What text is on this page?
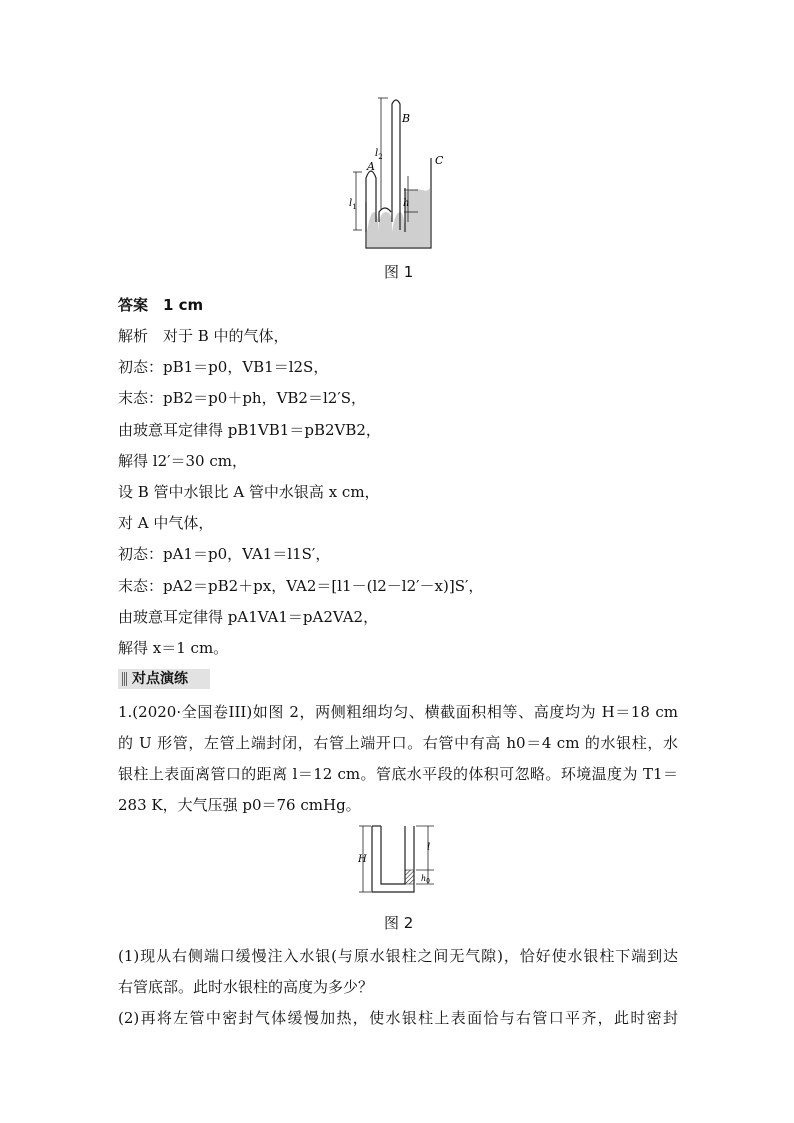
A
B
C
$l_1$
$l_2$
h
图 1
答案　1 cm
解析　对于 B 中的气体，
初态：pB1＝p0，VB1＝l2S，
末态：pB2＝p0＋ph，VB2＝l2′S，
由玻意耳定律得 pB1VB1＝pB2VB2，
解得 l2′＝30 cm，
设 B 管中水银比 A 管中水银高 x cm，
对 A 中气体，
初态：pA1＝p0，VA1＝l1S′，
末态：pA2＝pB2＋px，VA2＝[l1－(l2－l2′－x)]S′，
由玻意耳定律得 pA1VA1＝pA2VA2，
解得 x＝1 cm。
对点演练
1.(2020·全国卷III)如图 2，两侧粗细均匀、横截面积相等、高度均为 H＝18 cm
的 U 形管，左管上端封闭，右管上端开口。右管中有高 h0＝4 cm 的水银柱，水
银柱上表面离管口的距离 l＝12 cm。管底水平段的体积可忽略。环境温度为 T1＝
283 K，大气压强 p0＝76 cmHg。
H
l
$h_0$
图 2
(1)现从右侧端口缓慢注入水银(与原水银柱之间无气隙)，恰好使水银柱下端到达
右管底部。此时水银柱的高度为多少？
(2)再将左管中密封气体缓慢加热，使水银柱上表面恰与右管口平齐，此时密封
